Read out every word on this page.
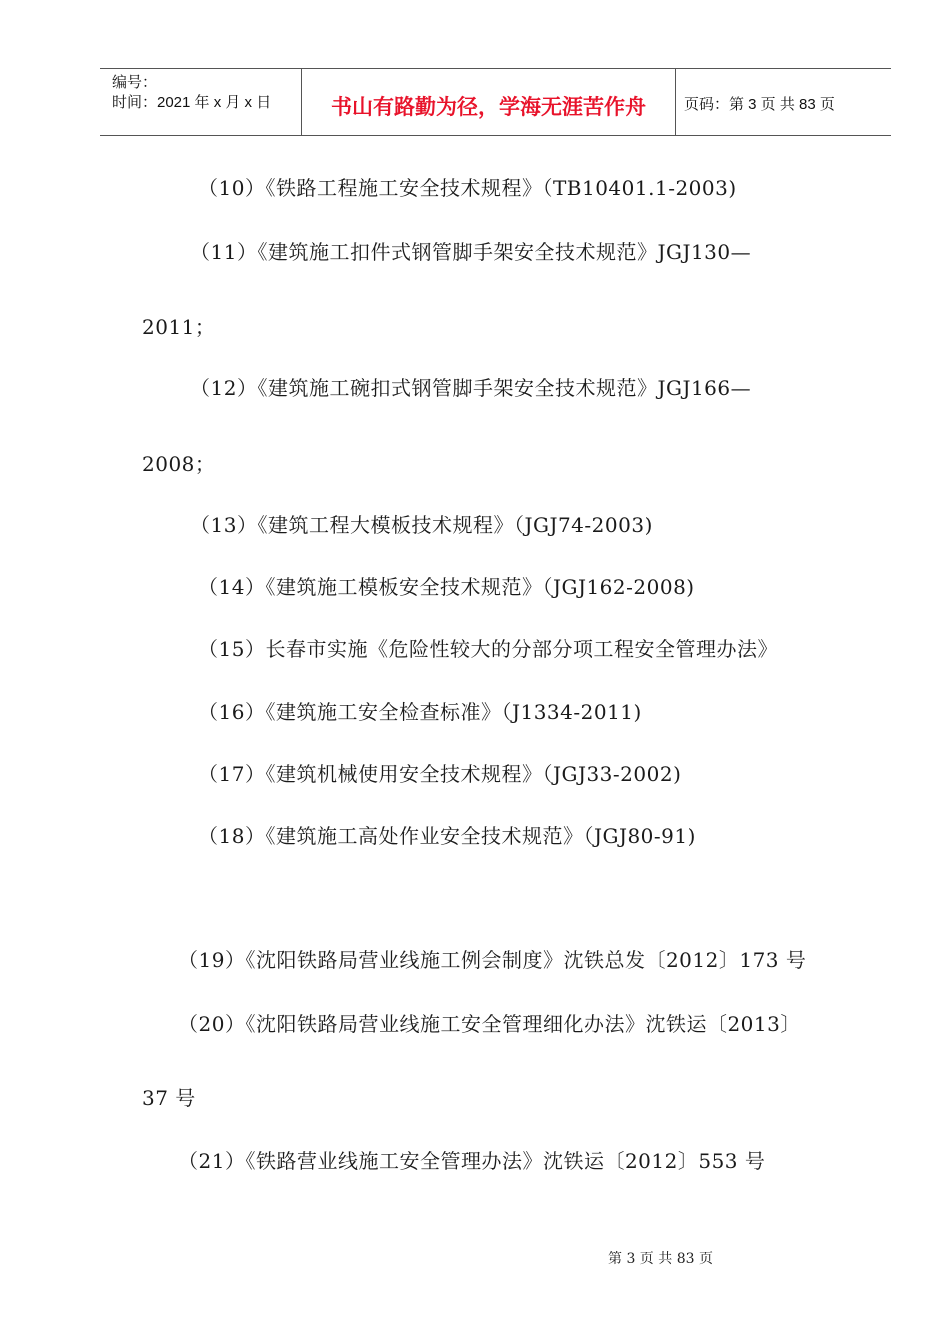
编号：
时间：2021 年 x 月 x 日	书山有路勤为径，学海无涯苦作舟	页码：第 3 页 共 83 页
（10）《铁路工程施工安全技术规程》（TB10401.1-2003)
（11）《建筑施工扣件式钢管脚手架安全技术规范》JGJ130—
2011；
（12）《建筑施工碗扣式钢管脚手架安全技术规范》JGJ166—
2008；
（13）《建筑工程大模板技术规程》（JGJ74-2003)
（14）《建筑施工模板安全技术规范》（JGJ162-2008)
（15）长春市实施《危险性较大的分部分项工程安全管理办法》
（16）《建筑施工安全检查标准》（J1334-2011)
（17）《建筑机械使用安全技术规程》（JGJ33-2002)
（18）《建筑施工高处作业安全技术规范》（JGJ80-91)
（19）《沈阳铁路局营业线施工例会制度》沈铁总发〔2012〕173 号
（20）《沈阳铁路局营业线施工安全管理细化办法》沈铁运〔2013〕
37 号
（21）《铁路营业线施工安全管理办法》沈铁运〔2012〕553 号
第 3 页 共 83 页
